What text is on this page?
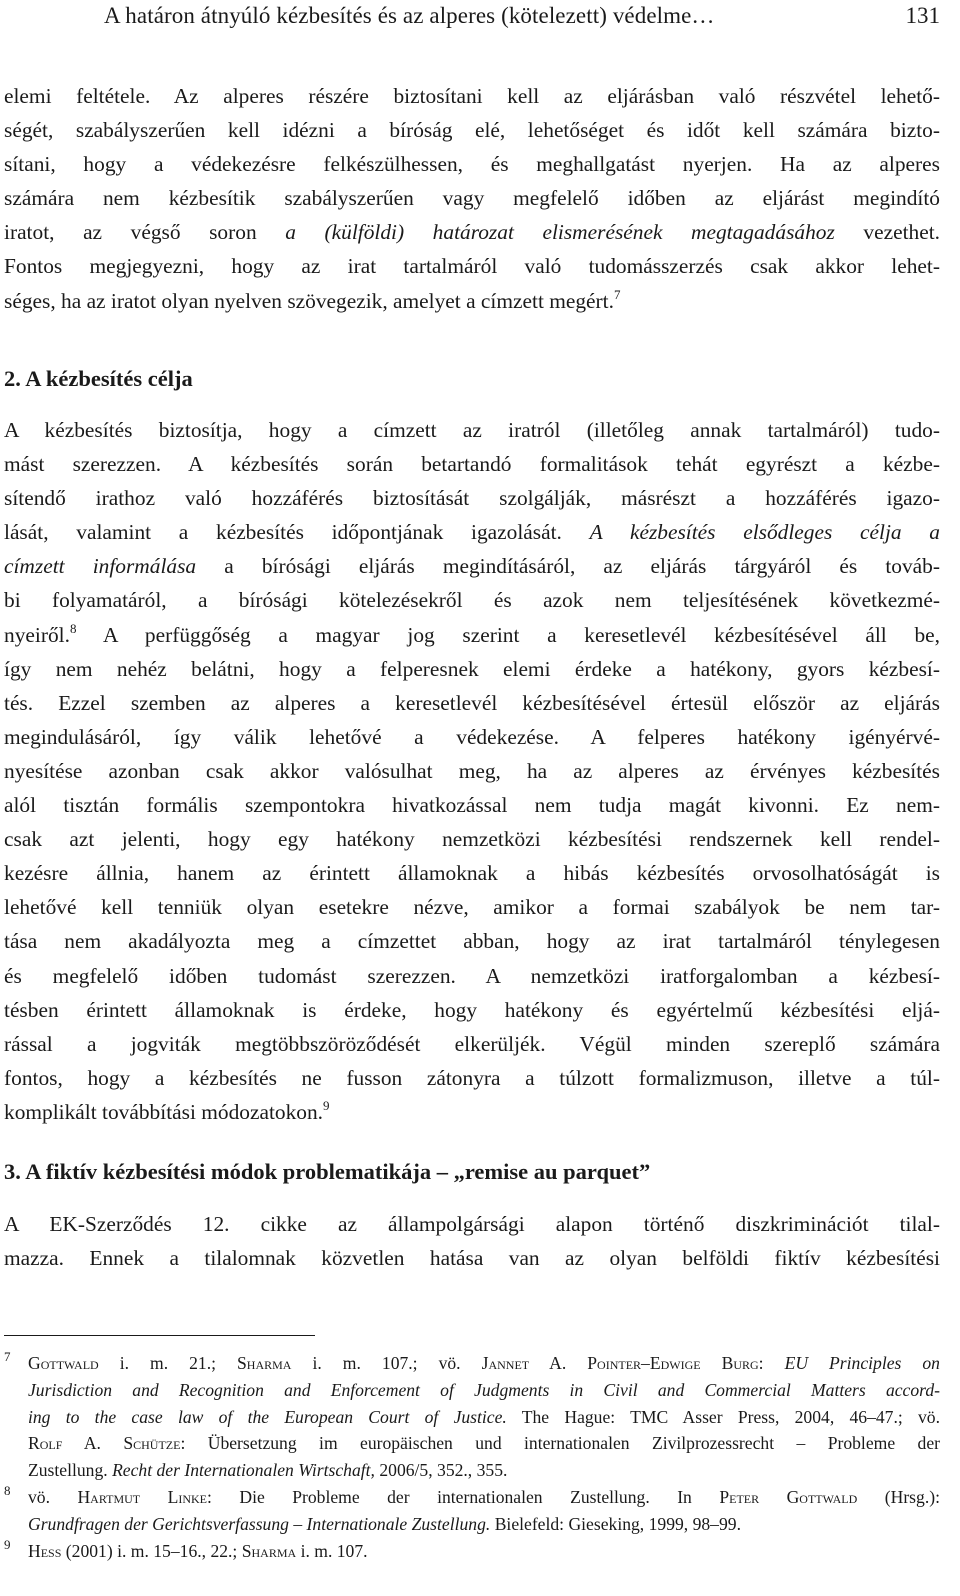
A határon átnyúló kézbesítés és az alperes (kötelezett) védelme…	131
elemi feltétele. Az alperes részére biztosítani kell az eljárásban való részvétel lehető-
ségét, szabályszerűen kell idézni a bíróság elé, lehetőséget és időt kell számára bizto-
sítani, hogy a védekezésre felkészülhessen, és meghallgatást nyerjen. Ha az alperes
számára nem kézbesítik szabályszerűen vagy megfelelő időben az eljárást megindító
iratot, az végső soron a (külföldi) határozat elismerésének megtagadásához vezethet.
Fontos megjegyezni, hogy az irat tartalmáról való tudomásszerzés csak akkor lehet-
séges, ha az iratot olyan nyelven szövegezik, amelyet a címzett megért.$^7$
2. A kézbesítés célja
A kézbesítés biztosítja, hogy a címzett az iratról (illetőleg annak tartalmáról) tudo-
mást szerezzen. A kézbesítés során betartandó formalitások tehát egyrészt a kézbe-
sítendő irathoz való hozzáférés biztosítását szolgálják, másrészt a hozzáférés igazo-
lását, valamint a kézbesítés időpontjának igazolását. A kézbesítés elsődleges célja a
címzett informálása a bírósági eljárás megindításáról, az eljárás tárgyáról és továb-
bi folyamatáról, a bírósági kötelezésekről és azok nem teljesítésének következmé-
nyeiről.$^8$ A perfüggőség a magyar jog szerint a keresetlevél kézbesítésével áll be,
így nem nehéz belátni, hogy a felperesnek elemi érdeke a hatékony, gyors kézbesí-
tés. Ezzel szemben az alperes a keresetlevél kézbesítésével értesül először az eljárás
megindulásáról, így válik lehetővé a védekezése. A felperes hatékony igényérvé-
nyesítése azonban csak akkor valósulhat meg, ha az alperes az érvényes kézbesítés
alól tisztán formális szempontokra hivatkozással nem tudja magát kivonni. Ez nem-
csak azt jelenti, hogy egy hatékony nemzetközi kézbesítési rendszernek kell rendel-
kezésre állnia, hanem az érintett államoknak a hibás kézbesítés orvosolhatóságát is
lehetővé kell tenniük olyan esetekre nézve, amikor a formai szabályok be nem tar-
tása nem akadályozta meg a címzettet abban, hogy az irat tartalmáról ténylegesen
és megfelelő időben tudomást szerezzen. A nemzetközi iratforgalomban a kézbesí-
tésben érintett államoknak is érdeke, hogy hatékony és egyértelmű kézbesítési eljá-
rással a jogviták megtöbbszöröződését elkerüljék. Végül minden szereplő számára
fontos, hogy a kézbesítés ne fusson zátonyra a túlzott formalizmuson, illetve a túl-
komplikált továbbítási módozatokon.$^9$
3. A fiktív kézbesítési módok problematikája – „remise au parquet”
A EK-Szerződés 12. cikke az állampolgársági alapon történő diszkriminációt tilal-
mazza. Ennek a tilalomnak közvetlen hatása van az olyan belföldi fiktív kézbesítési
7 Gottwald i. m. 21.; Sharma i. m. 107.; vö. Jannet A. Pointer–Edwige Burg: EU Principles on
Jurisdiction and Recognition and Enforcement of Judgments in Civil and Commercial Matters accord-
ing to the case law of the European Court of Justice. The Hague: TMC Asser Press, 2004, 46–47.; vö.
Rolf A. Schütze: Übersetzung im europäischen und internationalen Zivilprozessrecht – Probleme der
Zustellung. Recht der Internationalen Wirtschaft, 2006/5, 352., 355.
8 vö. Hartmut Linke: Die Probleme der internationalen Zustellung. In Peter Gottwald (Hrsg.):
Grundfragen der Gerichtsverfassung – Internationale Zustellung. Bielefeld: Gieseking, 1999, 98–99.
9 Hess (2001) i. m. 15–16., 22.; Sharma i. m. 107.
